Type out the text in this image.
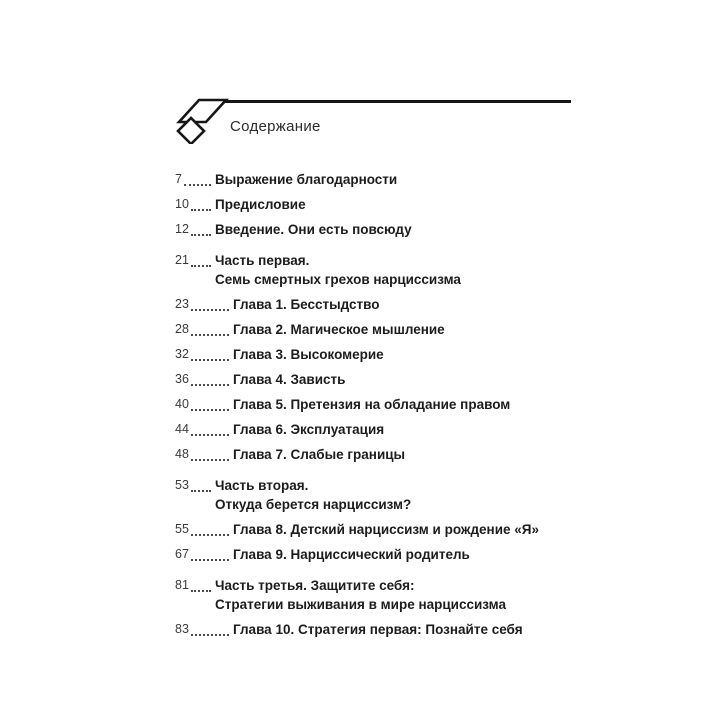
Содержание
7 Выражение благодарности
10 Предисловие
12 Введение. Они есть повсюду
21 Часть первая.
Семь смертных грехов нарциссизма
23	Глава 1. Бесстыдство
28	Глава 2. Магическое мышление
32	Глава 3. Высокомерие
36	Глава 4. Зависть
40	Глава 5. Претензия на обладание правом
44	Глава 6. Эксплуатация
48	Глава 7. Слабые границы
53 Часть вторая.
Откуда берется нарциссизм?
55	Глава 8. Детский нарциссизм и рождение «Я»
67	Глава 9. Нарциссический родитель
81 Часть третья. Защитите себя:
Стратегии выживания в мире нарциссизма
83	Глава 10. Стратегия первая: Познайте себя
